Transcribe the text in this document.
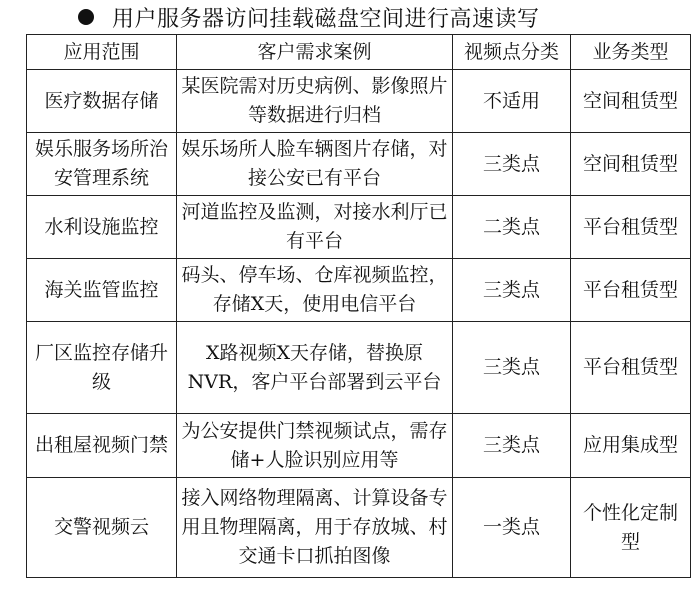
用户服务器访问挂载磁盘空间进行高速读写
应用范围	客户需求案例	视频点分类	业务类型
医疗数据存储	某医院需对历史病例、影像照片等数据进行归档	不适用	空间租赁型
娱乐服务场所治安管理系统	娱乐场所人脸车辆图片存储，对接公安已有平台	三类点	空间租赁型
水利设施监控	河道监控及监测，对接水利厅已有平台	二类点	平台租赁型
海关监管监控	码头、停车场、仓库视频监控，存储X天，使用电信平台	三类点	平台租赁型
厂区监控存储升级	X路视频X天存储，替换原NVR，客户平台部署到云平台	三类点	平台租赁型
出租屋视频门禁	为公安提供门禁视频试点，需存储+人脸识别应用等	三类点	应用集成型
交警视频云	接入网络物理隔离、计算设备专用且物理隔离，用于存放城、村交通卡口抓拍图像	一类点	个性化定制型
